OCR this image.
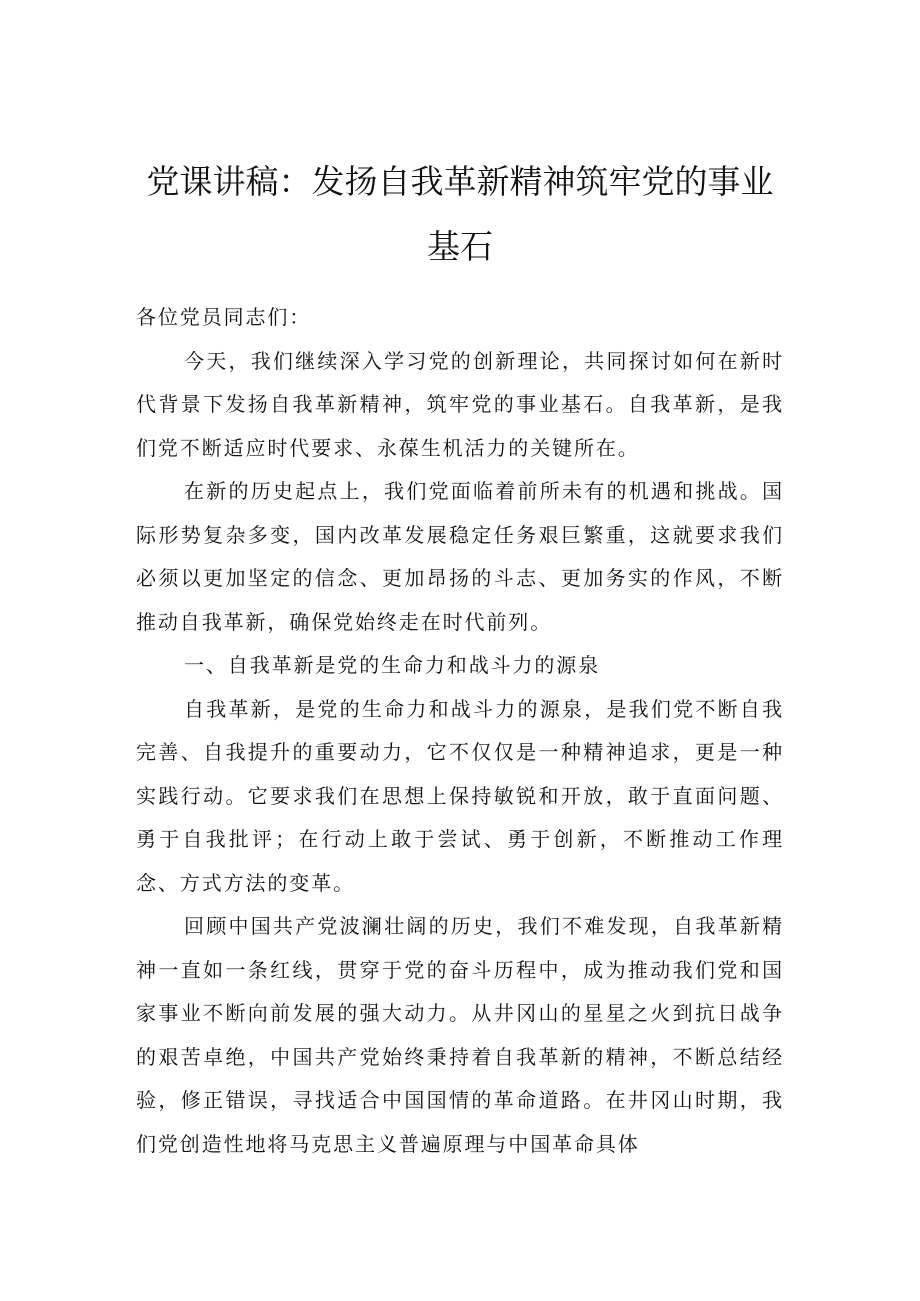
党课讲稿：发扬自我革新精神筑牢党的事业基石

各位党员同志们：

今天，我们继续深入学习党的创新理论，共同探讨如何在新时代背景下发扬自我革新精神，筑牢党的事业基石。自我革新，是我们党不断适应时代要求、永葆生机活力的关键所在。

在新的历史起点上，我们党面临着前所未有的机遇和挑战。国际形势复杂多变，国内改革发展稳定任务艰巨繁重，这就要求我们必须以更加坚定的信念、更加昂扬的斗志、更加务实的作风，不断推动自我革新，确保党始终走在时代前列。

一、自我革新是党的生命力和战斗力的源泉

自我革新，是党的生命力和战斗力的源泉，是我们党不断自我完善、自我提升的重要动力，它不仅仅是一种精神追求，更是一种实践行动。它要求我们在思想上保持敏锐和开放，敢于直面问题、勇于自我批评；在行动上敢于尝试、勇于创新，不断推动工作理念、方式方法的变革。

回顾中国共产党波澜壮阔的历史，我们不难发现，自我革新精神一直如一条红线，贯穿于党的奋斗历程中，成为推动我们党和国家事业不断向前发展的强大动力。从井冈山的星星之火到抗日战争的艰苦卓绝，中国共产党始终秉持着自我革新的精神，不断总结经验，修正错误，寻找适合中国国情的革命道路。在井冈山时期，我们党创造性地将马克思主义普遍原理与中国革命具体
